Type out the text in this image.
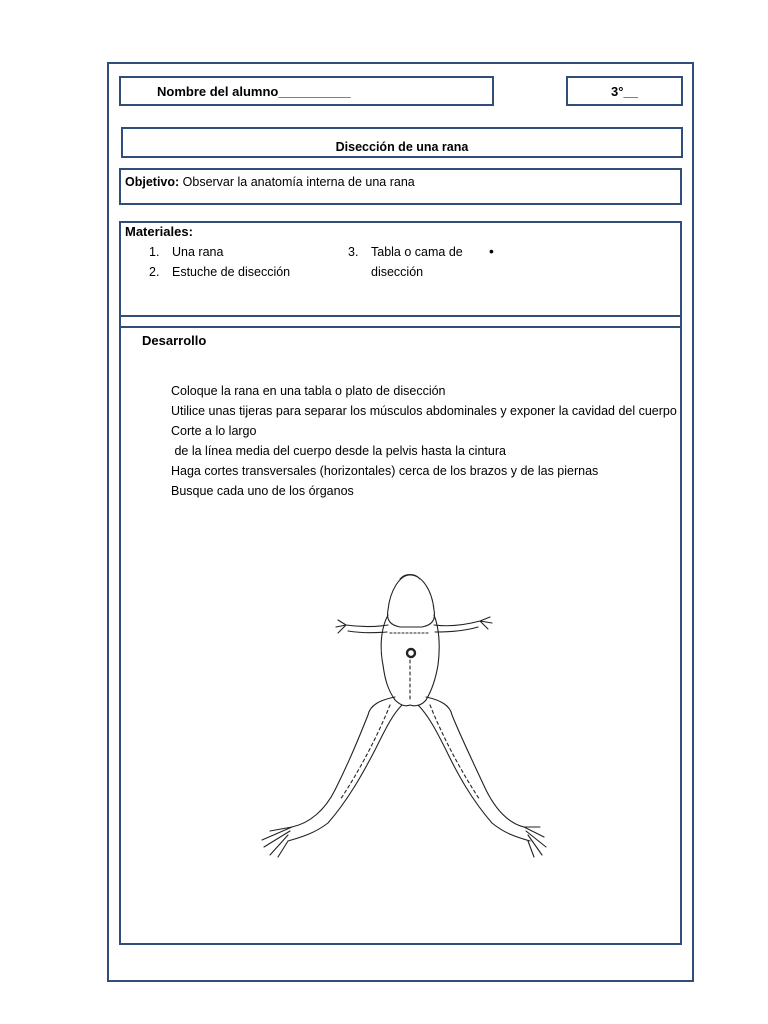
Nombre del alumno__________	3°__
Disección de una rana
Objetivo: Observar la anatomía interna de una rana
Materiales:
1. Una rana
2. Estuche de disección
3. Tabla o cama de
disección
•
Desarrollo
Coloque la rana en una tabla o plato de disección
Utilice unas tijeras para separar los músculos abdominales y exponer la cavidad del cuerpo
Corte a lo largo
de la línea media del cuerpo desde la pelvis hasta la cintura
Haga cortes transversales (horizontales) cerca de los brazos y de las piernas
Busque cada uno de los órganos
